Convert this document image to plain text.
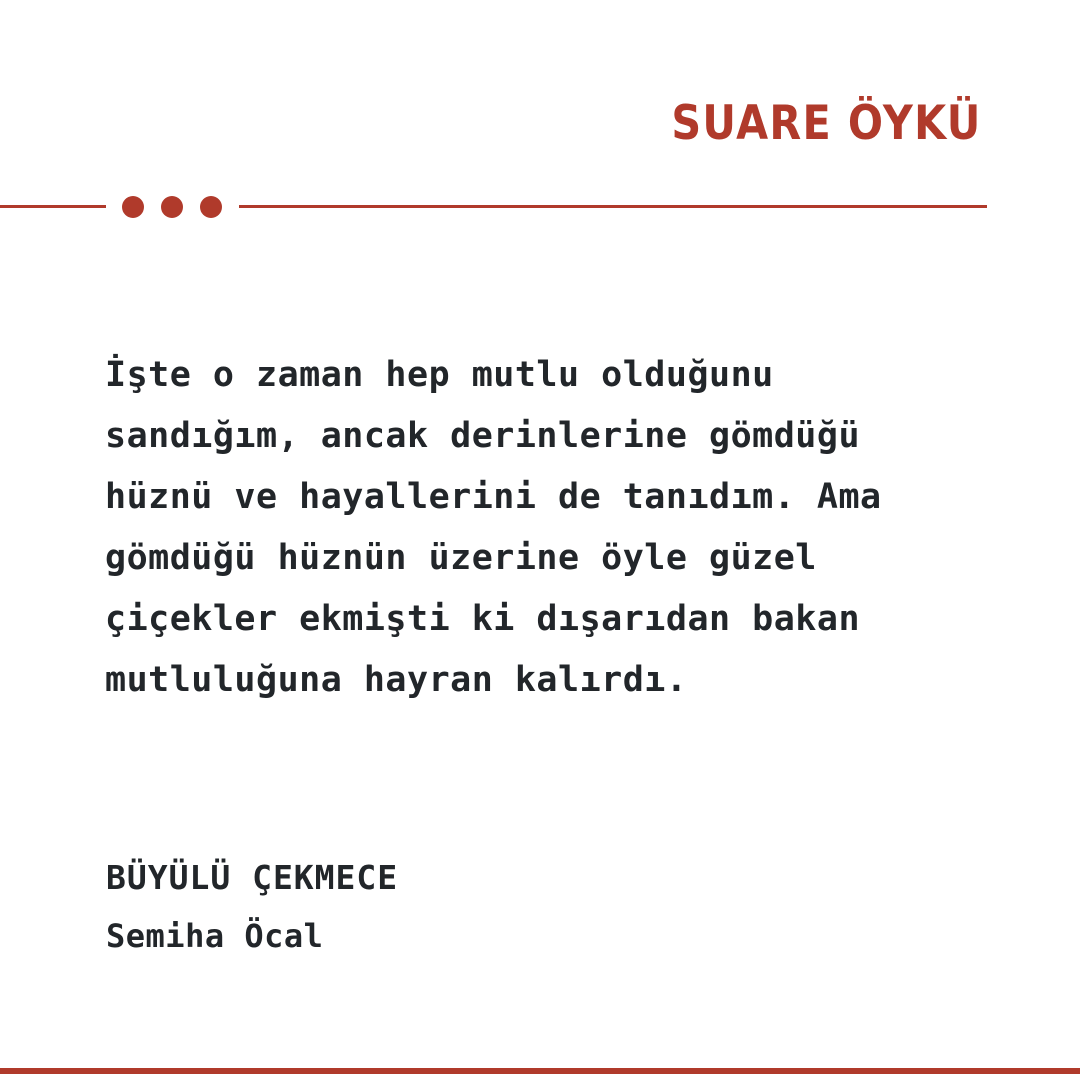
SUARE ÖYKÜ
İşte o zaman hep mutlu olduğunu sandığım, ancak derinlerine gömdüğü hüznü ve hayallerini de tanıdım. Ama gömdüğü hüznün üzerine öyle güzel çiçekler ekmişti ki dışarıdan bakan mutluluğuna hayran kalırdı.
BÜYÜLÜ ÇEKMECE
Semiha Öcal
